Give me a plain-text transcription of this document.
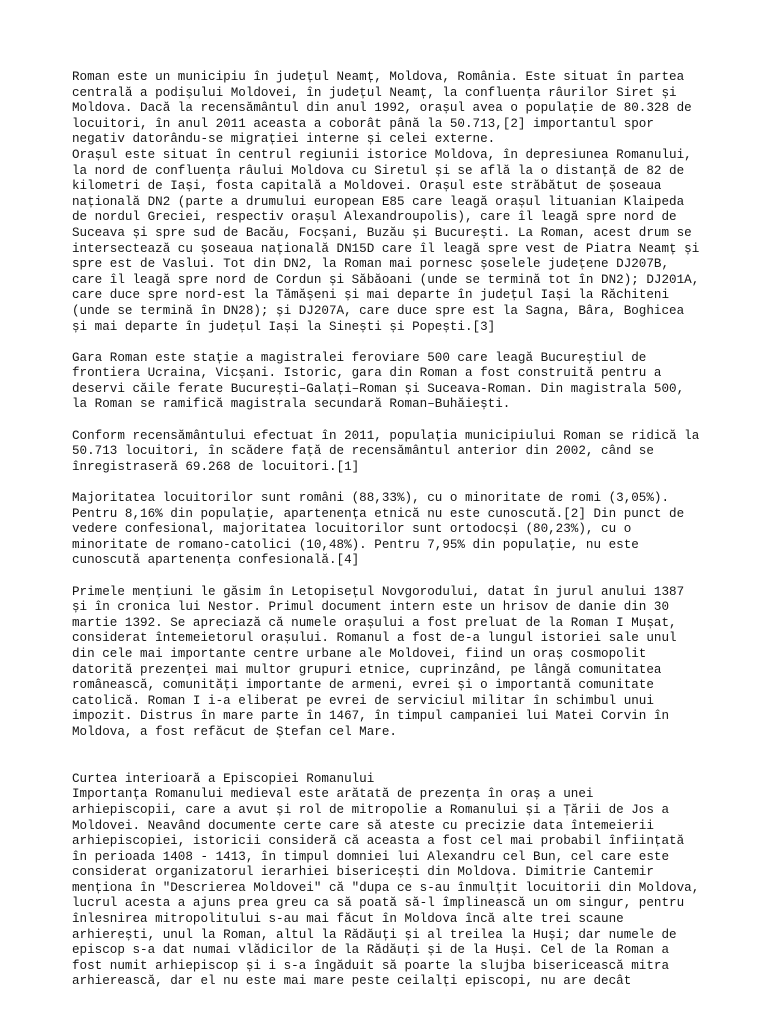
Roman este un municipiu în județul Neamț, Moldova, România. Este situat în partea
centrală a podișului Moldovei, în județul Neamț, la confluența râurilor Siret și
Moldova. Dacă la recensământul din anul 1992, orașul avea o populație de 80.328 de
locuitori, în anul 2011 aceasta a coborât până la 50.713,[2] importantul spor
negativ datorându-se migrației interne și celei externe.
Orașul este situat în centrul regiunii istorice Moldova, în depresiunea Romanului,
la nord de confluența râului Moldova cu Siretul și se află la o distanță de 82 de
kilometri de Iași, fosta capitală a Moldovei. Orașul este străbătut de șoseaua
națională DN2 (parte a drumului european E85 care leagă orașul lituanian Klaipeda
de nordul Greciei, respectiv orașul Alexandroupolis), care îl leagă spre nord de
Suceava și spre sud de Bacău, Focșani, Buzău și București. La Roman, acest drum se
intersectează cu șoseaua națională DN15D care îl leagă spre vest de Piatra Neamț și
spre est de Vaslui. Tot din DN2, la Roman mai pornesc șoselele județene DJ207B,
care îl leagă spre nord de Cordun și Săbăoani (unde se termină tot în DN2); DJ201A,
care duce spre nord-est la Tămășeni și mai departe în județul Iași la Răchiteni
(unde se termină în DN28); și DJ207A, care duce spre est la Sagna, Bâra, Boghicea
și mai departe în județul Iași la Sinești și Popești.[3]

Gara Roman este stație a magistralei feroviare 500 care leagă Bucureștiul de
frontiera Ucraina, Vicșani. Istoric, gara din Roman a fost construită pentru a
deservi căile ferate București–Galați–Roman și Suceava-Roman. Din magistrala 500,
la Roman se ramifică magistrala secundară Roman–Buhăiești.

Conform recensământului efectuat în 2011, populația municipiului Roman se ridică la
50.713 locuitori, în scădere față de recensământul anterior din 2002, când se
înregistraseră 69.268 de locuitori.[1]

Majoritatea locuitorilor sunt români (88,33%), cu o minoritate de romi (3,05%).
Pentru 8,16% din populație, apartenența etnică nu este cunoscută.[2] Din punct de
vedere confesional, majoritatea locuitorilor sunt ortodocși (80,23%), cu o
minoritate de romano-catolici (10,48%). Pentru 7,95% din populație, nu este
cunoscută apartenența confesională.[4]

Primele mențiuni le găsim în Letopisețul Novgorodului, datat în jurul anului 1387
și în cronica lui Nestor. Primul document intern este un hrisov de danie din 30
martie 1392. Se apreciază că numele orașului a fost preluat de la Roman I Mușat,
considerat întemeietorul orașului. Romanul a fost de-a lungul istoriei sale unul
din cele mai importante centre urbane ale Moldovei, fiind un oraș cosmopolit
datorită prezenței mai multor grupuri etnice, cuprinzând, pe lângă comunitatea
românească, comunități importante de armeni, evrei și o importantă comunitate
catolică. Roman I i-a eliberat pe evrei de serviciul militar în schimbul unui
impozit. Distrus în mare parte în 1467, în timpul campaniei lui Matei Corvin în
Moldova, a fost refăcut de Ștefan cel Mare.

Curtea interioară a Episcopiei Romanului
Importanța Romanului medieval este arătată de prezența în oraș a unei
arhiepiscopii, care a avut și rol de mitropolie a Romanului și a Țării de Jos a
Moldovei. Neavând documente certe care să ateste cu precizie data întemeierii
arhiepiscopiei, istoricii consideră că aceasta a fost cel mai probabil înființată
în perioada 1408 - 1413, în timpul domniei lui Alexandru cel Bun, cel care este
considerat organizatorul ierarhiei bisericești din Moldova. Dimitrie Cantemir
menționa în "Descrierea Moldovei" că "dupa ce s-au înmulțit locuitorii din Moldova,
lucrul acesta a ajuns prea greu ca să poată să-l împlinească un om singur, pentru
înlesnirea mitropolitului s-au mai făcut în Moldova încă alte trei scaune
arhierești, unul la Roman, altul la Rădăuți și al treilea la Huși; dar numele de
episcop s-a dat numai vlădicilor de la Rădăuți și de la Huși. Cel de la Roman a
fost numit arhiepiscop și i s-a îngăduit să poarte la slujba bisericească mitra
arhierească, dar el nu este mai mare peste ceilalți episcopi, nu are decât
